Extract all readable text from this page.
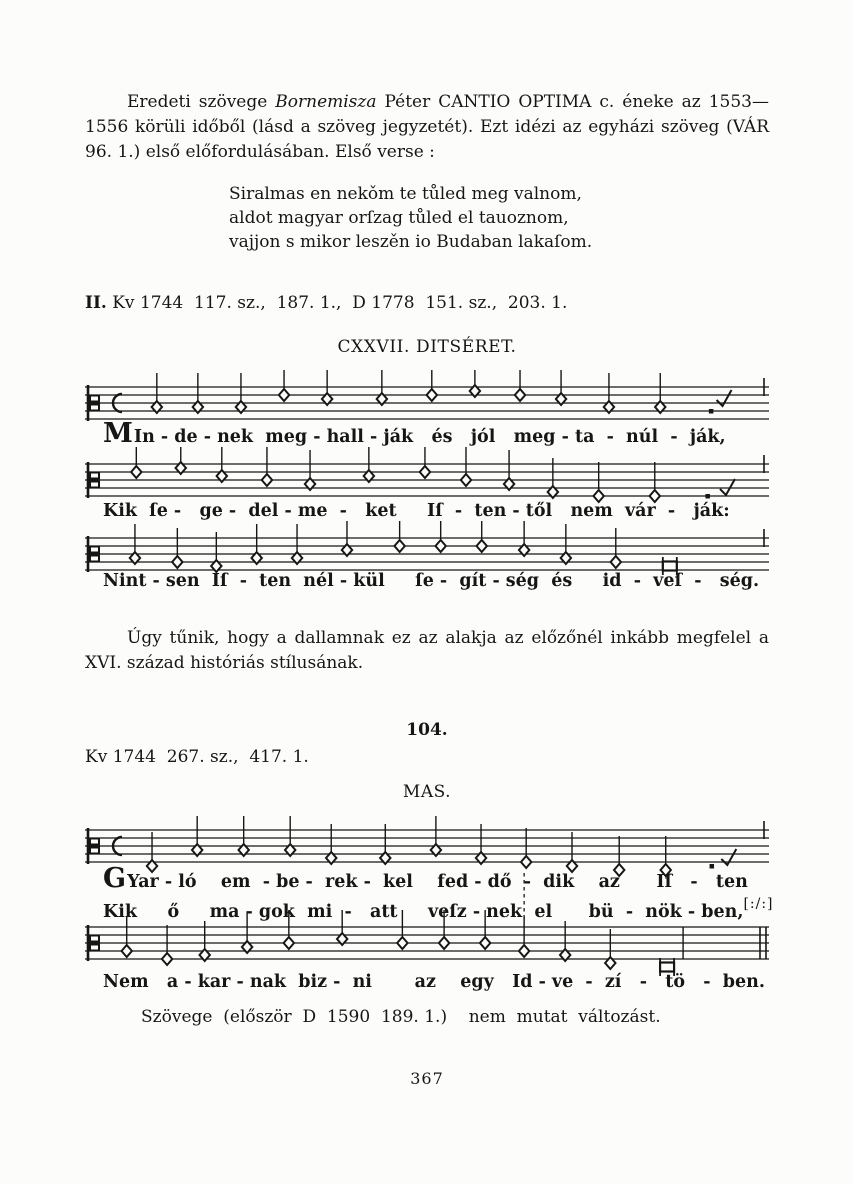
Eredeti szövege Bornemisza Péter CANTIO OPTIMA c. éneke az 1553—1556 körüli időből (lásd a szöveg jegyzetét). Ezt idézi az egyházi szöveg (VÁR 96. 1.) első előfordulásában. Első verse :

Siralmas en nekǒm te tůled meg valnom,
aldot magyar orſzag tůled el tauoznom,
vajjon s mikor leszěn io Budaban lakaſom.
II. Kv 1744  117. sz.,  187. 1.,  D 1778  151. sz.,  203. 1.
CXXVII. DITSÉRET.
MIn - de - nek  meg - hall - ják   és   jól   meg - ta  -  núl  -  ják,
Kik  ſe -   ge -  del - me  -   ket     Iſ  -  ten - től   nem  vár  -   ják:
Nint - sen  Iſ  -  ten  nél - kül     ſe -  gít - ség  és     id  -  veſ  -   ség.

Úgy tűnik, hogy a dallamnak ez az alakja az előzőnél inkább megfelel a XVI. század históriás stílusának.

104.
Kv 1744  267. sz.,  417. 1.
MAS.
GYar - ló    em  - be -  rek -  kel    fed - dő  -  dik    az      Iſ   -   ten
Kik     ő     ma - gok  mi  -   att     veſz - nek  el      bü  -  nök - ben,[:/:]
Nem   a - kar - nak  biz -  ni       az    egy   Id - ve  -  zí   -   tö   -  ben.
Szövege  (először  D  1590  189. 1.)    nem  mutat  változást.
367
